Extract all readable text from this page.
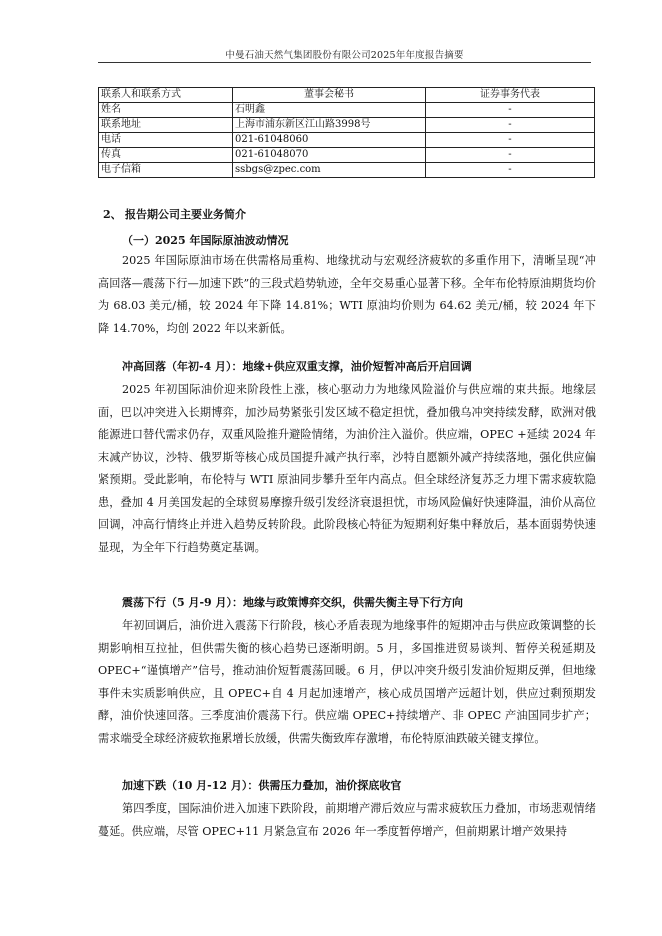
中曼石油天然气集团股份有限公司2025年年度报告摘要
联系人和联系方式	董事会秘书	证券事务代表
姓名	石明鑫	-
联系地址	上海市浦东新区江山路3998号	-
电话	021-61048060	-
传真	021-61048070	-
电子信箱	ssbgs@zpec.com	-
2、 报告期公司主要业务简介
（一）2025 年国际原油波动情况

2025 年国际原油市场在供需格局重构、地缘扰动与宏观经济疲软的多重作用下，清晰呈现“冲高回落—震荡下行—加速下跌”的三段式趋势轨迹，全年交易重心显著下移。全年布伦特原油期货均价为 68.03 美元/桶，较 2024 年下降 14.81%；WTI 原油均价则为 64.62 美元/桶，较 2024 年下降 14.70%，均创 2022 年以来新低。

冲高回落（年初-4 月）：地缘+供应双重支撑，油价短暂冲高后开启回调

2025 年初国际油价迎来阶段性上涨，核心驱动力为地缘风险溢价与供应端的束共振。地缘层面，巴以冲突进入长期博弈，加沙局势紧张引发区域不稳定担忧，叠加俄乌冲突持续发酵，欧洲对俄能源进口替代需求仍存，双重风险推升避险情绪，为油价注入溢价。供应端，OPEC +延续 2024 年末减产协议，沙特、俄罗斯等核心成员国提升减产执行率，沙特自愿额外减产持续落地，强化供应偏紧预期。受此影响，布伦特与 WTI 原油同步攀升至年内高点。但全球经济复苏乏力埋下需求疲软隐患，叠加 4 月美国发起的全球贸易摩擦升级引发经济衰退担忧，市场风险偏好快速降温，油价从高位回调，冲高行情终止并进入趋势反转阶段。此阶段核心特征为短期利好集中释放后，基本面弱势快速显现，为全年下行趋势奠定基调。

震荡下行（5 月-9 月）：地缘与政策博弈交织，供需失衡主导下行方向

年初回调后，油价进入震荡下行阶段，核心矛盾表现为地缘事件的短期冲击与供应政策调整的长期影响相互拉扯，但供需失衡的核心趋势已逐渐明朗。5 月，多国推进贸易谈判、暂停关税延期及 OPEC+“谨慎增产”信号，推动油价短暂震荡回暖。6 月，伊以冲突升级引发油价短期反弹，但地缘事件未实质影响供应，且 OPEC+自 4 月起加速增产，核心成员国增产远超计划，供应过剩预期发酵，油价快速回落。三季度油价震荡下行。供应端 OPEC+持续增产、非 OPEC 产油国同步扩产；需求端受全球经济疲软拖累增长放缓，供需失衡致库存激增，布伦特原油跌破关键支撑位。

加速下跌（10 月-12 月）：供需压力叠加，油价探底收官

第四季度，国际油价进入加速下跌阶段，前期增产滞后效应与需求疲软压力叠加，市场悲观情绪蔓延。供应端，尽管 OPEC+11 月紧急宣布 2026 年一季度暂停增产，但前期累计增产效果持
